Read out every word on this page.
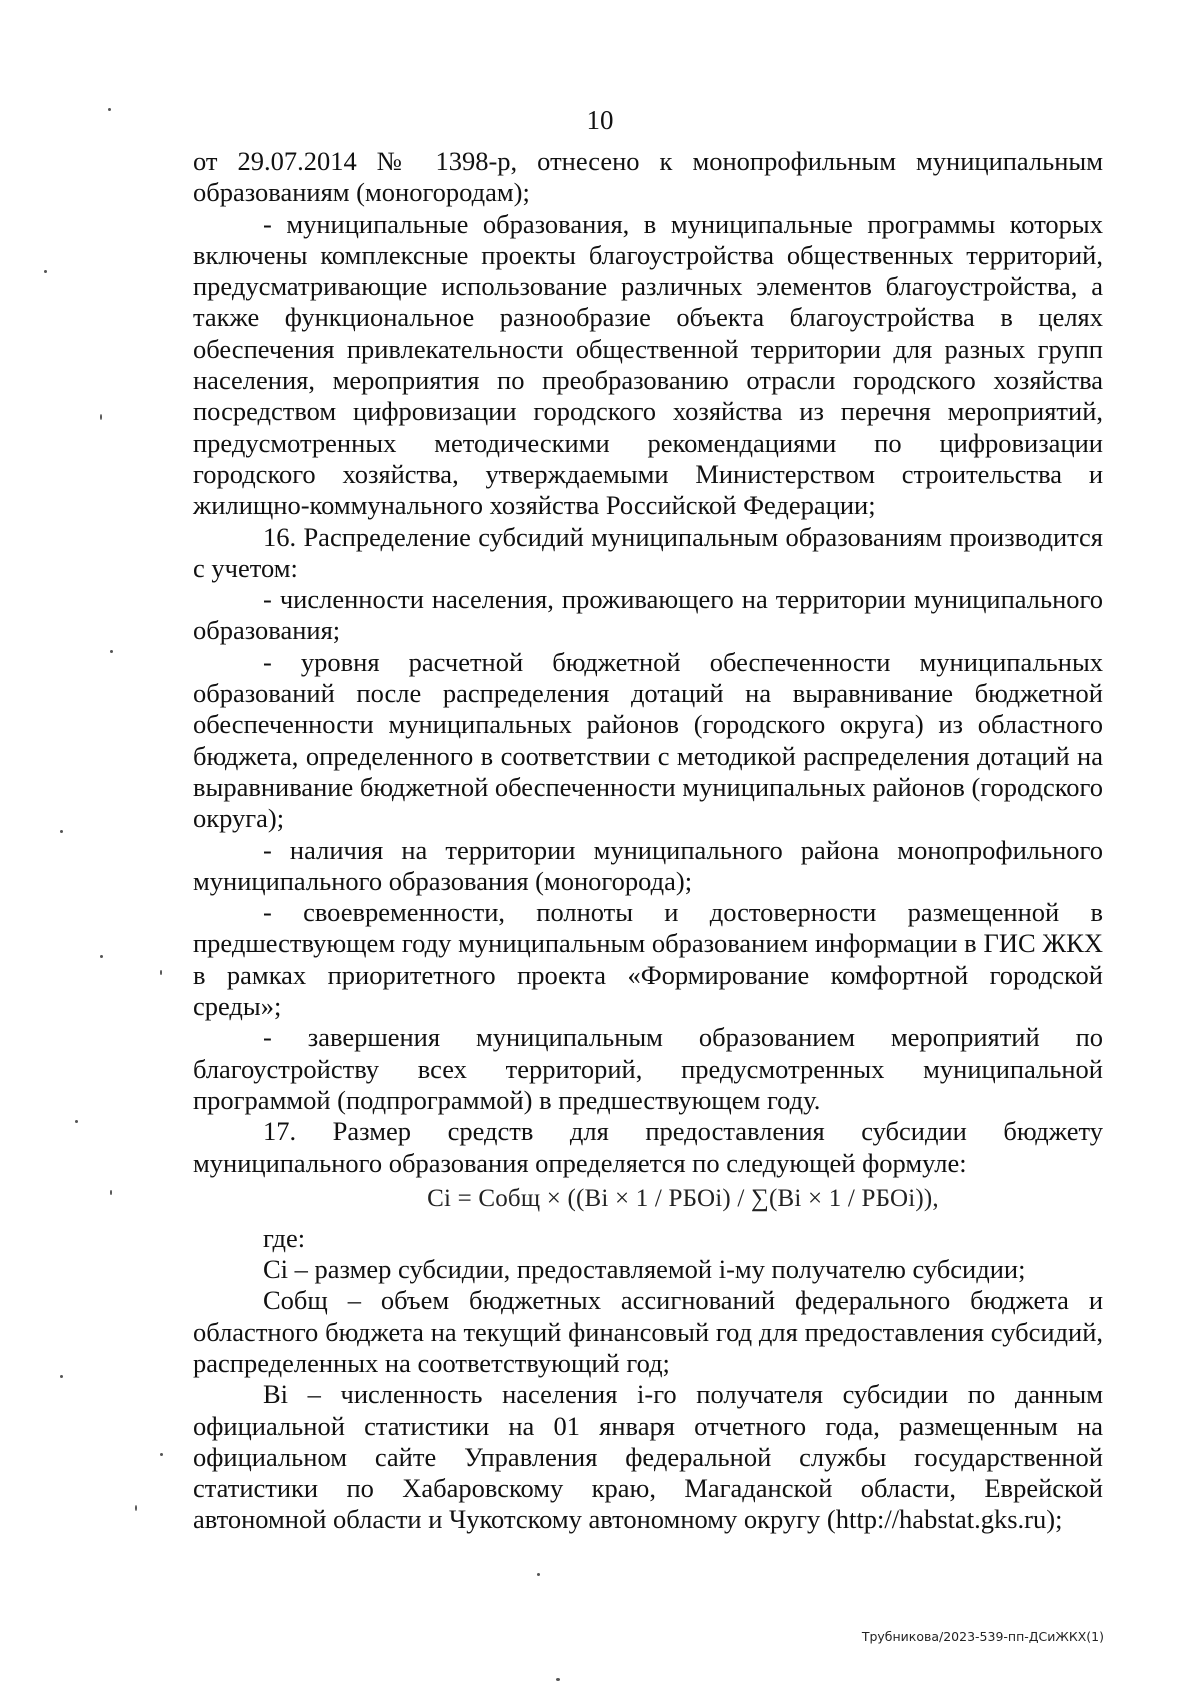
10

от 29.07.2014 № 1398-р, отнесено к монопрофильным муниципальным образованиям (моногородам);

- муниципальные образования, в муниципальные программы которых включены комплексные проекты благоустройства общественных территорий, предусматривающие использование различных элементов благоустройства, а также функциональное разнообразие объекта благоустройства в целях обеспечения привлекательности общественной территории для разных групп населения, мероприятия по преобразованию отрасли городского хозяйства посредством цифровизации городского хозяйства из перечня мероприятий, предусмотренных методическими рекомендациями по цифровизации городского хозяйства, утверждаемыми Министерством строительства и жилищно-коммунального хозяйства Российской Федерации;

16. Распределение субсидий муниципальным образованиям производится с учетом:

- численности населения, проживающего на территории муниципального образования;

- уровня расчетной бюджетной обеспеченности муниципальных образований после распределения дотаций на выравнивание бюджетной обеспеченности муниципальных районов (городского округа) из областного бюджета, определенного в соответствии с методикой распределения дотаций на выравнивание бюджетной обеспеченности муниципальных районов (городского округа);

- наличия на территории муниципального района монопрофильного муниципального образования (моногорода);

- своевременности, полноты и достоверности размещенной в предшествующем году муниципальным образованием информации в ГИС ЖКХ в рамках приоритетного проекта «Формирование комфортной городской среды»;

- завершения муниципальным образованием мероприятий по благоустройству всех территорий, предусмотренных муниципальной программой (подпрограммой) в предшествующем году.

17. Размер средств для предоставления субсидии бюджету муниципального образования определяется по следующей формуле:

Ci = Cобщ × ((Bi × 1 / РБОi) / ∑(Bi × 1 / РБОi)),

где:

Ci – размер субсидии, предоставляемой i-му получателю субсидии;

Cобщ – объем бюджетных ассигнований федерального бюджета и областного бюджета на текущий финансовый год для предоставления субсидий, распределенных на соответствующий год;

Bi – численность населения i-го получателя субсидии по данным официальной статистики на 01 января отчетного года, размещенным на официальном сайте Управления федеральной службы государственной статистики по Хабаровскому краю, Магаданской области, Еврейской автономной области и Чукотскому автономному округу (http://habstat.gks.ru);

Трубникова/2023-539-пп-ДСиЖКХ(1)
